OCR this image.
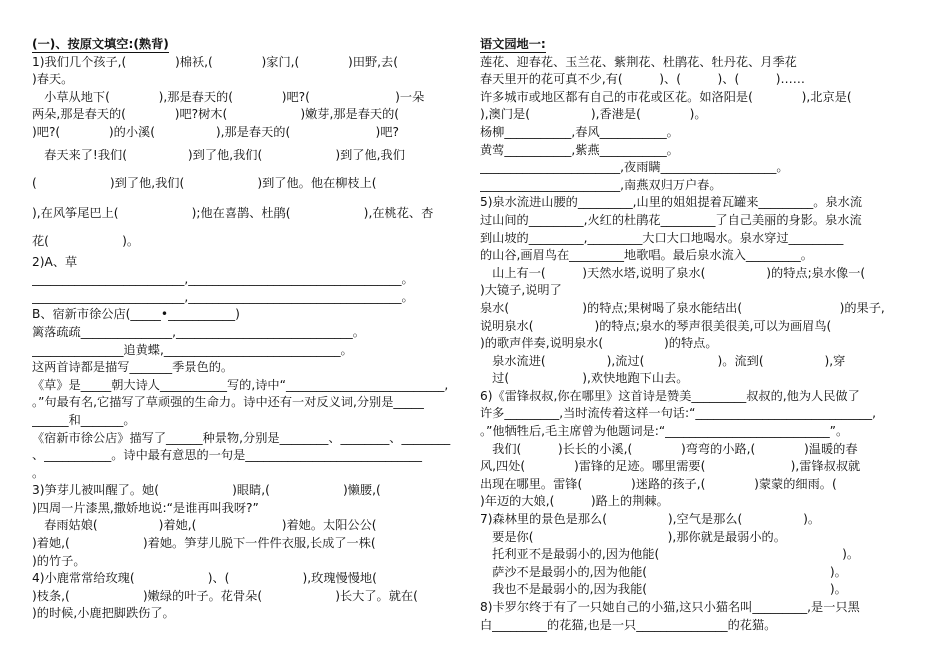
(一)、按原文填空:(熟背)
1)我们几个孩子,(　　　　)棉袄,(　　　　)家门,(　　　　)田野,去(
)春天。
　小草从地下(　　　　),那是春天的(　　　　)吧?(　　　　　　　)一朵
两朵,那是春天的(　　　　)吧?树木(　　　　　　)嫩芽,那是春天的(
)吧?(　　　　)的小溪(　　　　　),那是春天的(　　　　　　　)吧?
　春天来了!我们(　　　　　)到了他,我们(　　　　　　)到了他,我们
(　　　　　　)到了他,我们(　　　　　　)到了他。他在柳枝上(
),在风筝尾巴上(　　　　　　);他在喜鹊、杜鹃(　　　　　　),在桃花、杏
花(　　　　　　)。
2)A、草
_________________________,___________________________________。
_________________________,___________________________________。
B、宿新市徐公店(_____•___________)
篱落疏疏_______________,_____________________________。
_______________追黄蝶,_____________________________。
这两首诗都是描写_______季景色的。
《草》是_____朝大诗人___________写的,诗中“__________________________,
。”句最有名,它描写了草顽强的生命力。诗中还有一对反义词,分别是_____
______和_______。
《宿新市徐公店》描写了______种景物,分别是________、________、________
、___________。诗中最有意思的一句是_____________________________
。
3)笋芽儿被叫醒了。她(　　　　　　)眼睛,(　　　　　　)懒腰,(
)四周一片漆黑,撒娇地说:“是谁再叫我呀?”
　春雨姑娘(　　　　　)着她,(　　　　　　　)着她。太阳公公(
)着她,(　　　　　　)着她。笋芽儿脱下一件件衣服,长成了一株(
)的竹子。
4)小鹿常常给玫瑰(　　　　　　)、(　　　　　　),玫瑰慢慢地(
)枝条,(　　　　　　)嫩绿的叶子。花骨朵(　　　　　　)长大了。就在(
)的时候,小鹿把脚跌伤了。
语文园地一:
莲花、迎春花、玉兰花、紫荆花、杜鹃花、牡丹花、月季花
春天里开的花可真不少,有(　　　)、(　　　)、(　　　)……
许多城市或地区都有自己的市花或区花。如洛阳是(　　　　),北京是(
),澳门是(　　　　　),香港是(　　　　)。
杨柳___________,春风___________。
黄莺___________,紫燕___________。
_______________________,夜雨瞒___________________。
_______________________,南燕双归万户春。
5)泉水流进山腰的_________,山里的姐姐提着瓦罐来_________。泉水流
过山间的_________,火红的杜鹃花_________了自己美丽的身影。泉水流
到山坡的_________,_________大口大口地喝水。泉水穿过_________
的山谷,画眉鸟在_________地歌唱。最后泉水流入_________。
　山上有一(　　　)天然水塔,说明了泉水(　　　　　)的特点;泉水像一(
)大镜子,说明了
泉水(　　　　　　)的特点;果树喝了泉水能结出(　　　　　　　　)的果子,
说明泉水(　　　　　)的特点;泉水的琴声很美很美,可以为画眉鸟(
)的歌声伴奏,说明泉水(　　　　　)的特点。
　泉水流进(　　　　　),流过(　　　　　　)。流到(　　　　　),穿
　过(　　　　　　),欢快地跑下山去。
6)《雷锋叔叔,你在哪里》这首诗是赞美_________叔叔的,他为人民做了
许多_________,当时流传着这样一句话:“_____________________________,
。”他牺牲后,毛主席曾为他题词是:“___________________________”。
　我们(　　　)长长的小溪,(　　　　)弯弯的小路,(　　　　)温暖的春
风,四处(　　　　)雷锋的足迹。哪里需要(　　　　　　　),雷锋叔叔就
出现在哪里。雷锋(　　　　)迷路的孩子,(　　　　)蒙蒙的细雨。(
)年迈的大娘,(　　　)路上的荆棘。
7)森林里的景色是那么(　　　　　),空气是那么(　　　　　)。
　要是你(　　　　　　　　　　　),那你就是最弱小的。
　托利亚不是最弱小的,因为他能(　　　　　　　　　　　　　　　)。
　萨沙不是最弱小的,因为他能(　　　　　　　　　　　　　　　)。
　我也不是最弱小的,因为我能(　　　　　　　　　　　　　　　)。
8)卡罗尔终于有了一只她自己的小猫,这只小猫名叫_________,是一只黑
白_________的花猫,也是一只_______________的花猫。
